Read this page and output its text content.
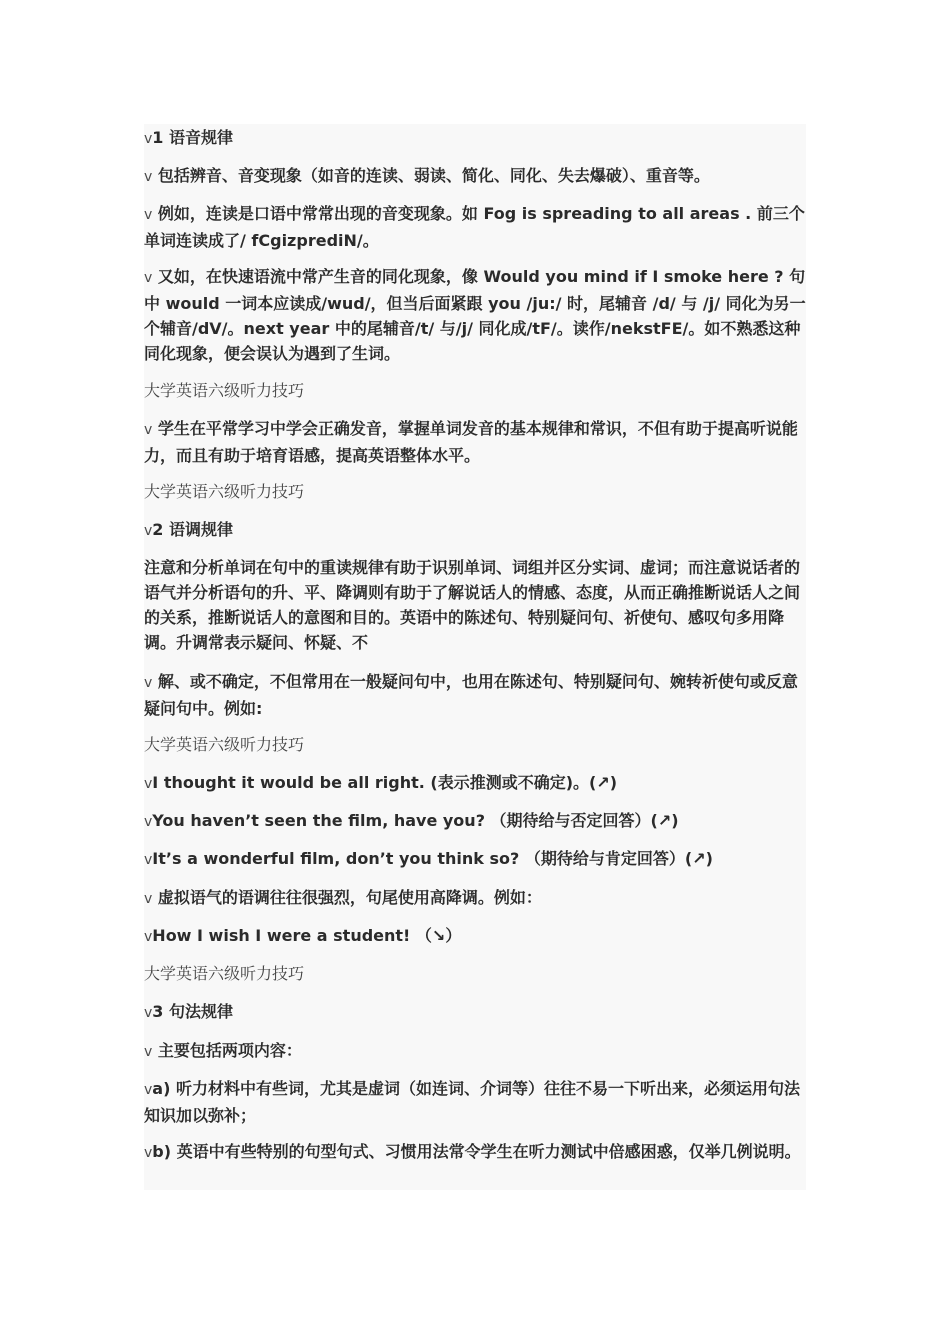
v1 语音规律

v 包括辨音、音变现象（如音的连读、弱读、简化、同化、失去爆破）、重音等。

v 例如，连读是口语中常常出现的音变现象。如 Fog is spreading to all areas . 前三个单词连读成了/ fCgizprediN/。

v 又如，在快速语流中常产生音的同化现象，像 Would you mind if I smoke here ? 句中 would 一词本应读成/wud/，但当后面紧跟 you /ju:/ 时，尾辅音 /d/ 与 /j/ 同化为另一个辅音/dV/。next year 中的尾辅音/t/ 与/j/ 同化成/tF/。读作/nekstFE/。如不熟悉这种同化现象，便会误认为遇到了生词。

大学英语六级听力技巧

v 学生在平常学习中学会正确发音，掌握单词发音的基本规律和常识，不但有助于提高听说能力，而且有助于培育语感，提高英语整体水平。

大学英语六级听力技巧

v2 语调规律

注意和分析单词在句中的重读规律有助于识别单词、词组并区分实词、虚词；而注意说话者的语气并分析语句的升、平、降调则有助于了解说话人的情感、态度，从而正确推断说话人之间的关系，推断说话人的意图和目的。英语中的陈述句、特别疑问句、祈使句、感叹句多用降调。升调常表示疑问、怀疑、不

v 解、或不确定，不但常用在一般疑问句中，也用在陈述句、特别疑问句、婉转祈使句或反意疑问句中。例如:

大学英语六级听力技巧

vI thought it would be all right. (表示推测或不确定)。(↗)

vYou haven’t seen the film, have you? （期待给与否定回答）(↗)

vIt’s a wonderful film, don’t you think so? （期待给与肯定回答）(↗)

v 虚拟语气的语调往往很强烈，句尾使用高降调。例如：

vHow I wish I were a student! （↘）

大学英语六级听力技巧

v3 句法规律

v 主要包括两项内容：

va) 听力材料中有些词，尤其是虚词（如连词、介词等）往往不易一下听出来，必须运用句法知识加以弥补；

vb) 英语中有些特别的句型句式、习惯用法常令学生在听力测试中倍感困惑，仅举几例说明。
